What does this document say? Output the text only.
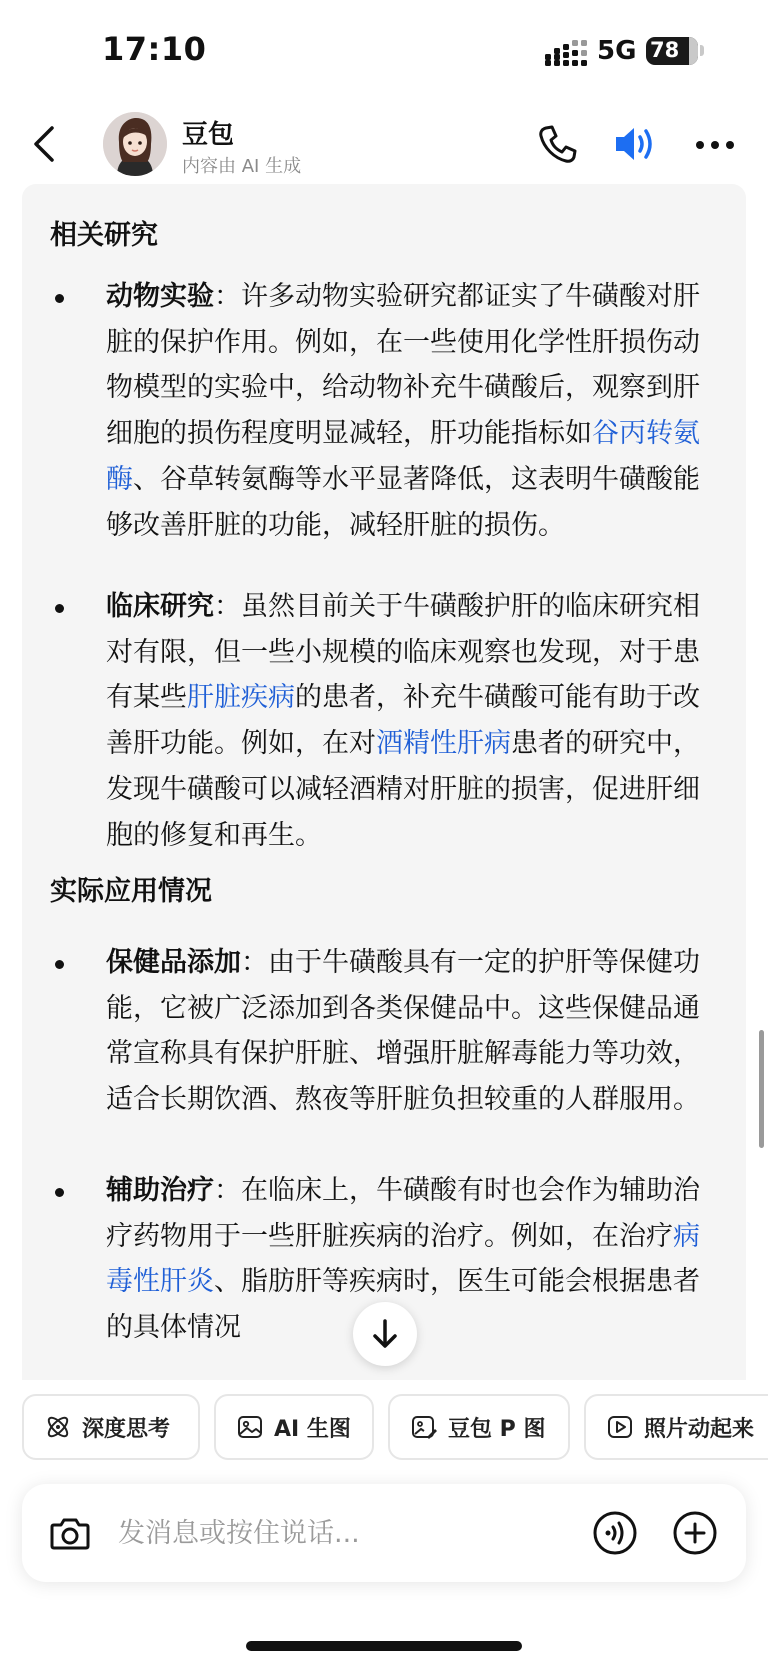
17:10	5G 78
豆包
内容由 AI 生成
相关研究
动物实验：许多动物实验研究都证实了牛磺酸对肝脏的保护作用。例如，在一些使用化学性肝损伤动物模型的实验中，给动物补充牛磺酸后，观察到肝细胞的损伤程度明显减轻，肝功能指标如谷丙转氨酶、谷草转氨酶等水平显著降低，这表明牛磺酸能够改善肝脏的功能，减轻肝脏的损伤。
临床研究：虽然目前关于牛磺酸护肝的临床研究相对有限，但一些小规模的临床观察也发现，对于患有某些肝脏疾病的患者，补充牛磺酸可能有助于改善肝功能。例如，在对酒精性肝病患者的研究中，发现牛磺酸可以减轻酒精对肝脏的损害，促进肝细胞的修复和再生。
实际应用情况
保健品添加：由于牛磺酸具有一定的护肝等保健功能，它被广泛添加到各类保健品中。这些保健品通常宣称具有保护肝脏、增强肝脏解毒能力等功效，适合长期饮酒、熬夜等肝脏负担较重的人群服用。
辅助治疗：在临床上，牛磺酸有时也会作为辅助治疗药物用于一些肝脏疾病的治疗。例如，在治疗病毒性肝炎、脂肪肝等疾病时，医生可能会根据患者的具体情况
深度思考	AI 生图	豆包 P 图	照片动起来
发消息或按住说话...
